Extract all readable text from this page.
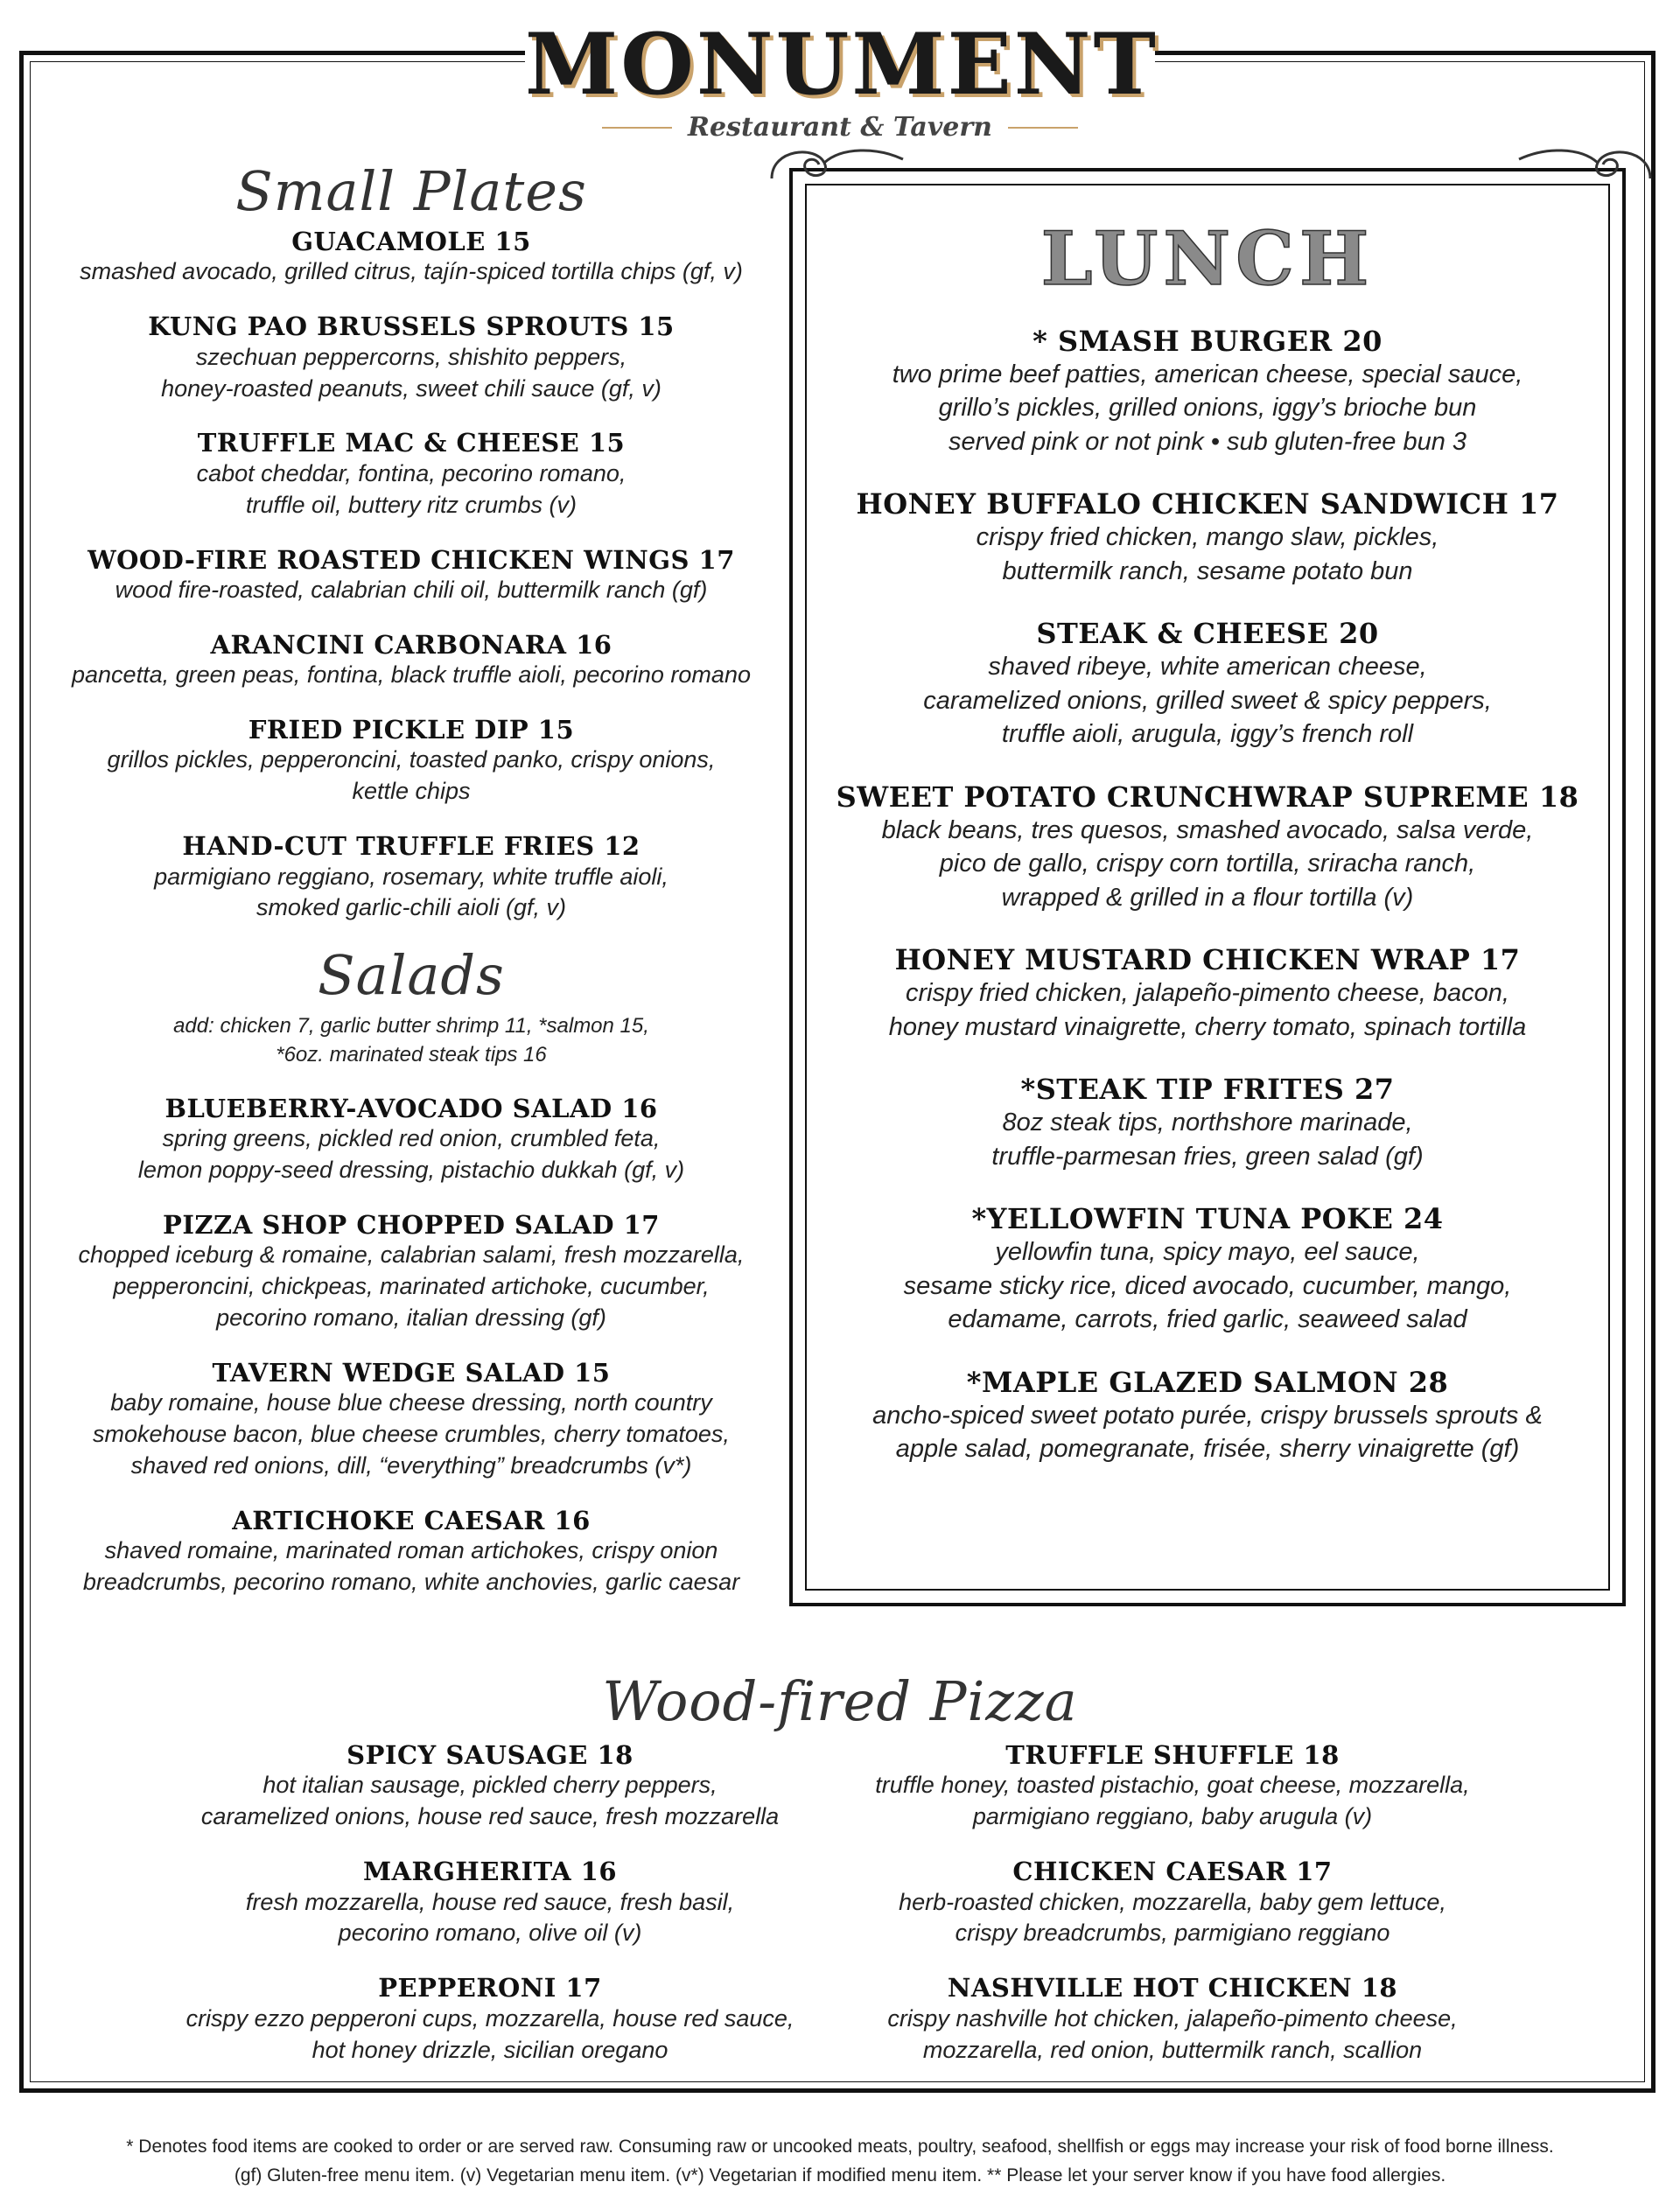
MONUMENT
Restaurant & Tavern
Small Plates
GUACAMOLE 15
smashed avocado, grilled citrus, tajín-spiced tortilla chips (gf, v)
KUNG PAO BRUSSELS SPROUTS 15
szechuan peppercorns, shishito peppers,
honey-roasted peanuts, sweet chili sauce (gf, v)
TRUFFLE MAC & CHEESE 15
cabot cheddar, fontina, pecorino romano,
truffle oil, buttery ritz crumbs (v)
WOOD-FIRE ROASTED CHICKEN WINGS 17
wood fire-roasted, calabrian chili oil, buttermilk ranch (gf)
ARANCINI CARBONARA 16
pancetta, green peas, fontina, black truffle aioli, pecorino romano
FRIED PICKLE DIP 15
grillos pickles, pepperoncini, toasted panko, crispy onions,
kettle chips
HAND-CUT TRUFFLE FRIES 12
parmigiano reggiano, rosemary, white truffle aioli,
smoked garlic-chili aioli (gf, v)
Salads
add: chicken 7, garlic butter shrimp 11, *salmon 15,
*6oz. marinated steak tips 16
BLUEBERRY-AVOCADO SALAD 16
spring greens, pickled red onion, crumbled feta,
lemon poppy-seed dressing, pistachio dukkah (gf, v)
PIZZA SHOP CHOPPED SALAD 17
chopped iceburg & romaine, calabrian salami, fresh mozzarella,
pepperoncini, chickpeas, marinated artichoke, cucumber,
pecorino romano, italian dressing (gf)
TAVERN WEDGE SALAD 15
baby romaine, house blue cheese dressing, north country
smokehouse bacon, blue cheese crumbles, cherry tomatoes,
shaved red onions, dill, “everything” breadcrumbs (v*)
ARTICHOKE CAESAR 16
shaved romaine, marinated roman artichokes, crispy onion
breadcrumbs, pecorino romano, white anchovies, garlic caesar
LUNCH
* SMASH BURGER 20
two prime beef patties, american cheese, special sauce,
grillo’s pickles, grilled onions, iggy’s brioche bun
served pink or not pink • sub gluten-free bun 3
HONEY BUFFALO CHICKEN SANDWICH 17
crispy fried chicken, mango slaw, pickles,
buttermilk ranch, sesame potato bun
STEAK & CHEESE 20
shaved ribeye, white american cheese,
caramelized onions, grilled sweet & spicy peppers,
truffle aioli, arugula, iggy’s french roll
SWEET POTATO CRUNCHWRAP SUPREME 18
black beans, tres quesos, smashed avocado, salsa verde,
pico de gallo, crispy corn tortilla, sriracha ranch,
wrapped & grilled in a flour tortilla (v)
HONEY MUSTARD CHICKEN WRAP 17
crispy fried chicken, jalapeño-pimento cheese, bacon,
honey mustard vinaigrette, cherry tomato, spinach tortilla
*STEAK TIP FRITES 27
8oz steak tips, northshore marinade,
truffle-parmesan fries, green salad (gf)
*YELLOWFIN TUNA POKE 24
yellowfin tuna, spicy mayo, eel sauce,
sesame sticky rice, diced avocado, cucumber, mango,
edamame, carrots, fried garlic, seaweed salad
*MAPLE GLAZED SALMON 28
ancho-spiced sweet potato purée, crispy brussels sprouts &
apple salad, pomegranate, frisée, sherry vinaigrette (gf)
Wood-fired Pizza
SPICY SAUSAGE 18
hot italian sausage, pickled cherry peppers,
caramelized onions, house red sauce, fresh mozzarella
MARGHERITA 16
fresh mozzarella, house red sauce, fresh basil,
pecorino romano, olive oil (v)
PEPPERONI 17
crispy ezzo pepperoni cups, mozzarella, house red sauce,
hot honey drizzle, sicilian oregano
TRUFFLE SHUFFLE 18
truffle honey, toasted pistachio, goat cheese, mozzarella,
parmigiano reggiano, baby arugula (v)
CHICKEN CAESAR 17
herb-roasted chicken, mozzarella, baby gem lettuce,
crispy breadcrumbs, parmigiano reggiano
NASHVILLE HOT CHICKEN 18
crispy nashville hot chicken, jalapeño-pimento cheese,
mozzarella, red onion, buttermilk ranch, scallion
* Denotes food items are cooked to order or are served raw. Consuming raw or uncooked meats, poultry, seafood, shellfish or eggs may increase your risk of food borne illness.
(gf) Gluten-free menu item. (v) Vegetarian menu item. (v*) Vegetarian if modified menu item. ** Please let your server know if you have food allergies.
